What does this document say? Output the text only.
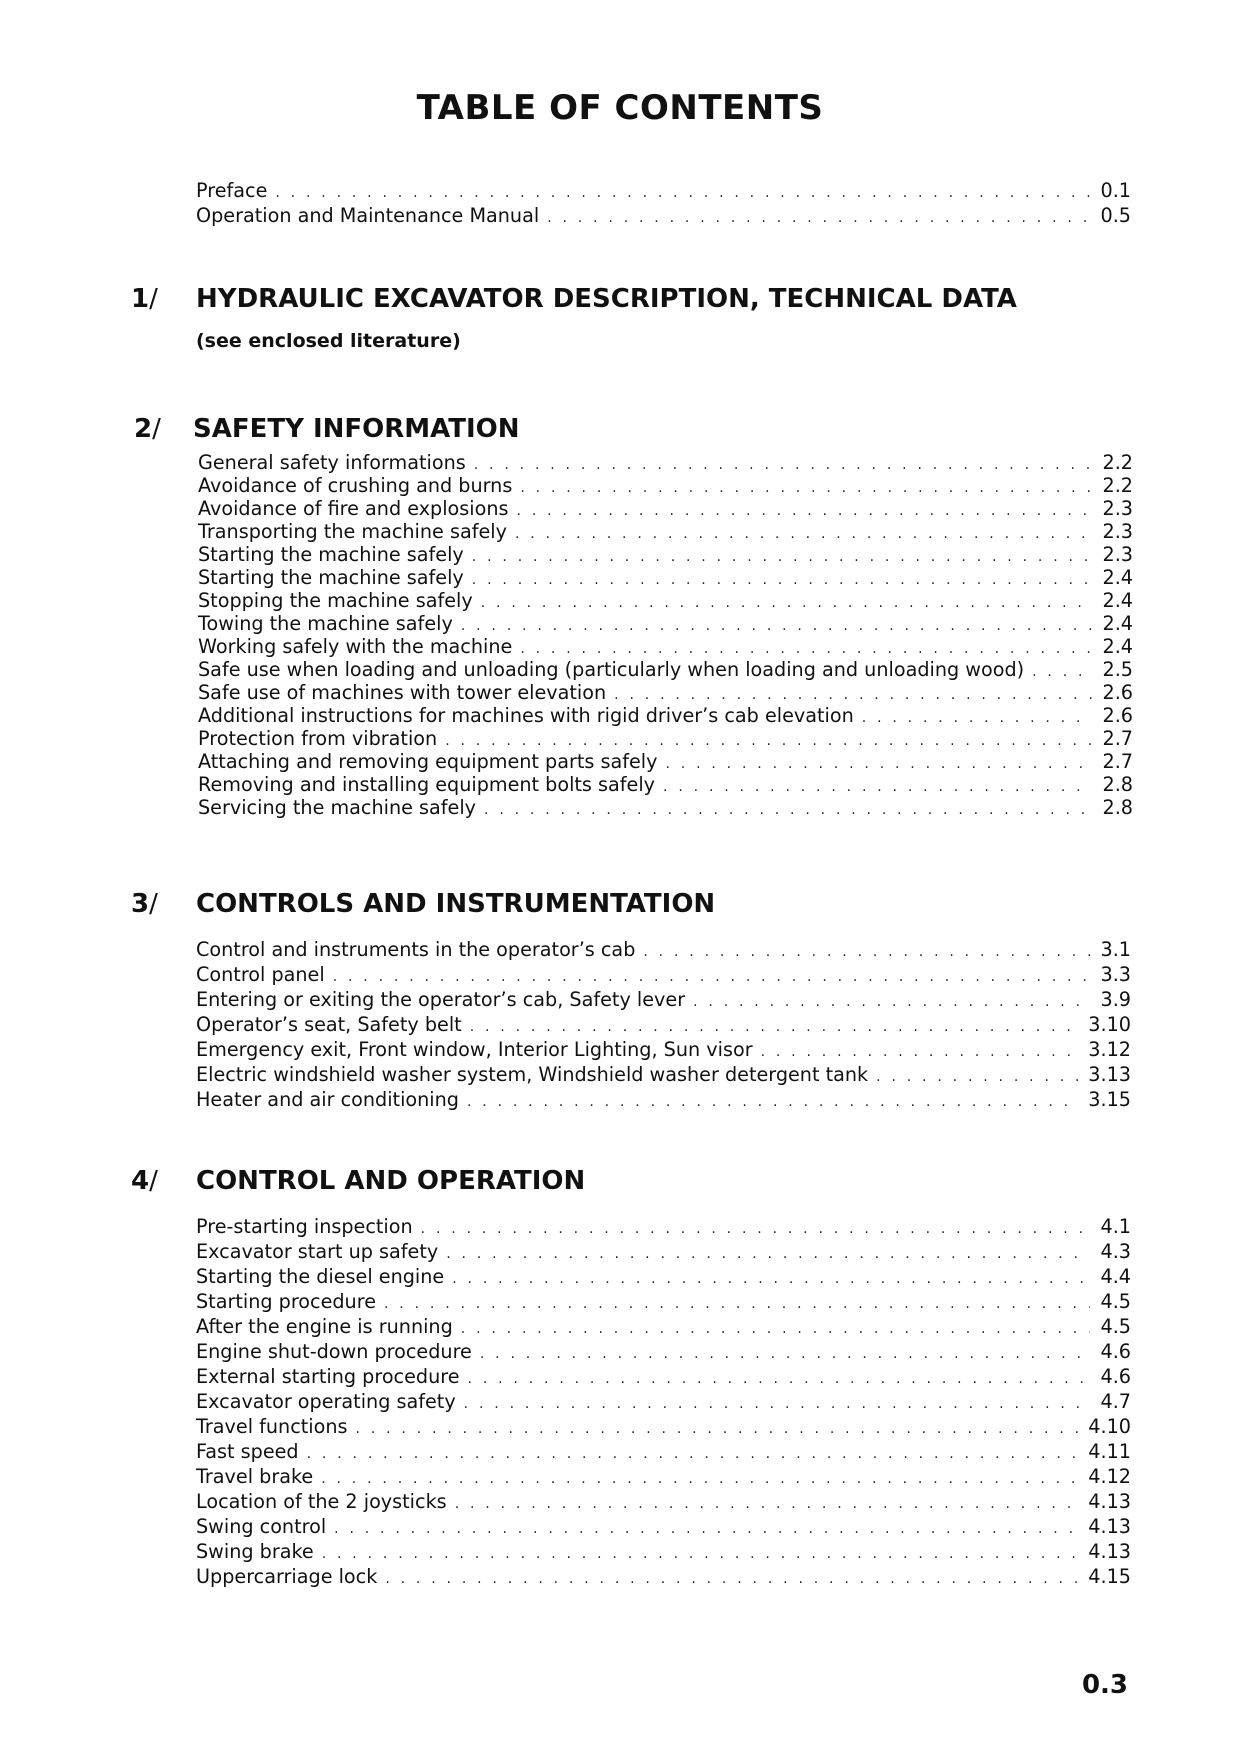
TABLE OF CONTENTS
Preface . . .	0.1
Operation and Maintenance Manual . . .	0.5
1/ HYDRAULIC EXCAVATOR DESCRIPTION, TECHNICAL DATA
(see enclosed literature)
2/ SAFETY INFORMATION
General safety informations . . .	2.2
Avoidance of crushing and burns . . .	2.2
Avoidance of fire and explosions . . .	2.3
Transporting the machine safely . . .	2.3
Starting the machine safely . . .	2.3
Starting the machine safely . . .	2.4
Stopping the machine safely . . .	2.4
Towing the machine safely . . .	2.4
Working safely with the machine . . .	2.4
Safe use when loading and unloading (particularly when loading and unloading wood) . . .	2.5
Safe use of machines with tower elevation . . .	2.6
Additional instructions for machines with rigid driver’s cab elevation . . .	2.6
Protection from vibration . . .	2.7
Attaching and removing equipment parts safely . . .	2.7
Removing and installing equipment bolts safely . . .	2.8
Servicing the machine safely . . .	2.8
3/ CONTROLS AND INSTRUMENTATION
Control and instruments in the operator’s cab . . .	3.1
Control panel . . .	3.3
Entering or exiting the operator’s cab, Safety lever . . .	3.9
Operator’s seat, Safety belt . . .	3.10
Emergency exit, Front window, Interior Lighting, Sun visor . . .	3.12
Electric windshield washer system, Windshield washer detergent tank . . .	3.13
Heater and air conditioning . . .	3.15
4/ CONTROL AND OPERATION
Pre-starting inspection . . .	4.1
Excavator start up safety . . .	4.3
Starting the diesel engine . . .	4.4
Starting procedure . . .	4.5
After the engine is running . . .	4.5
Engine shut-down procedure . . .	4.6
External starting procedure . . .	4.6
Excavator operating safety . . .	4.7
Travel functions . . .	4.10
Fast speed . . .	4.11
Travel brake . . .	4.12
Location of the 2 joysticks . . .	4.13
Swing control . . .	4.13
Swing brake . . .	4.13
Uppercarriage lock . . .	4.15
0.3
